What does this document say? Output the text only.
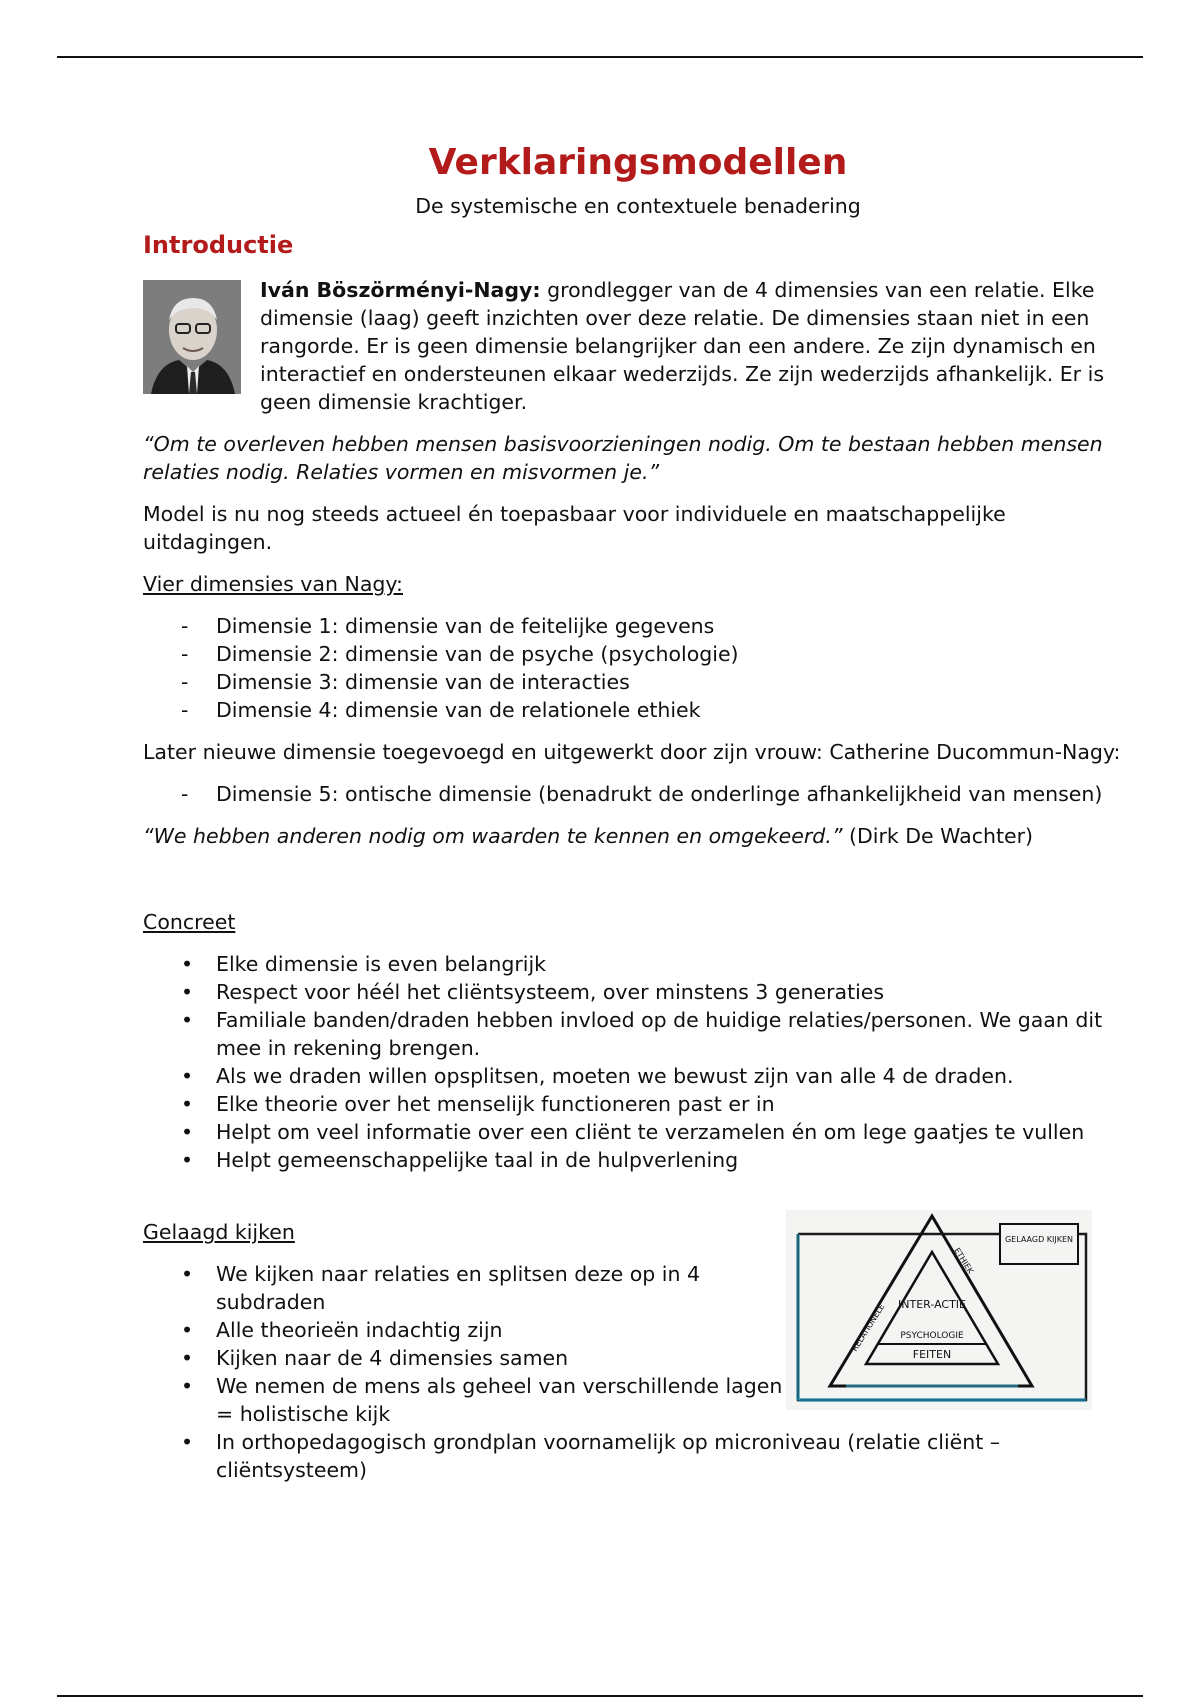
Verklaringsmodellen
De systemische en contextuele benadering
Introductie
Iván Böszörményi-Nagy: grondlegger van de 4 dimensies van een relatie. Elke dimensie (laag) geeft inzichten over deze relatie. De dimensies staan niet in een rangorde. Er is geen dimensie belangrijker dan een andere. Ze zijn dynamisch en interactief en ondersteunen elkaar wederzijds. Ze zijn wederzijds afhankelijk. Er is geen dimensie krachtiger.
“Om te overleven hebben mensen basisvoorzieningen nodig. Om te bestaan hebben mensen relaties nodig. Relaties vormen en misvormen je.”

Model is nu nog steeds actueel én toepasbaar voor individuele en maatschappelijke uitdagingen.

Vier dimensies van Nagy:
- Dimensie 1: dimensie van de feitelijke gegevens
- Dimensie 2: dimensie van de psyche (psychologie)
- Dimensie 3: dimensie van de interacties
- Dimensie 4: dimensie van de relationele ethiek

Later nieuwe dimensie toegevoegd en uitgewerkt door zijn vrouw: Catherine Ducommun-Nagy:

- Dimensie 5: ontische dimensie (benadrukt de onderlinge afhankelijkheid van mensen)

“We hebben anderen nodig om waarden te kennen en omgekeerd.” (Dirk De Wachter)

Concreet
• Elke dimensie is even belangrijk
• Respect voor héél het cliëntsysteem, over minstens 3 generaties
• Familiale banden/draden hebben invloed op de huidige relaties/personen. We gaan dit mee in rekening brengen.
• Als we draden willen opsplitsen, moeten we bewust zijn van alle 4 de draden.
• Elke theorie over het menselijk functioneren past er in
• Helpt om veel informatie over een cliënt te verzamelen én om lege gaatjes te vullen
• Helpt gemeenschappelijke taal in de hulpverlening
Gelaagd kijken
INTER-ACTIE
PSYCHOLOGIE
FEITEN
RELATIONELE
ETHIEK
GELAAGD KIJKEN
• We kijken naar relaties en splitsen deze op in 4 subdraden
• Alle theorieën indachtig zijn
• Kijken naar de 4 dimensies samen
• We nemen de mens als geheel van verschillende lagen = holistische kijk
• In orthopedagogisch grondplan voornamelijk op microniveau (relatie cliënt – cliëntsysteem)
